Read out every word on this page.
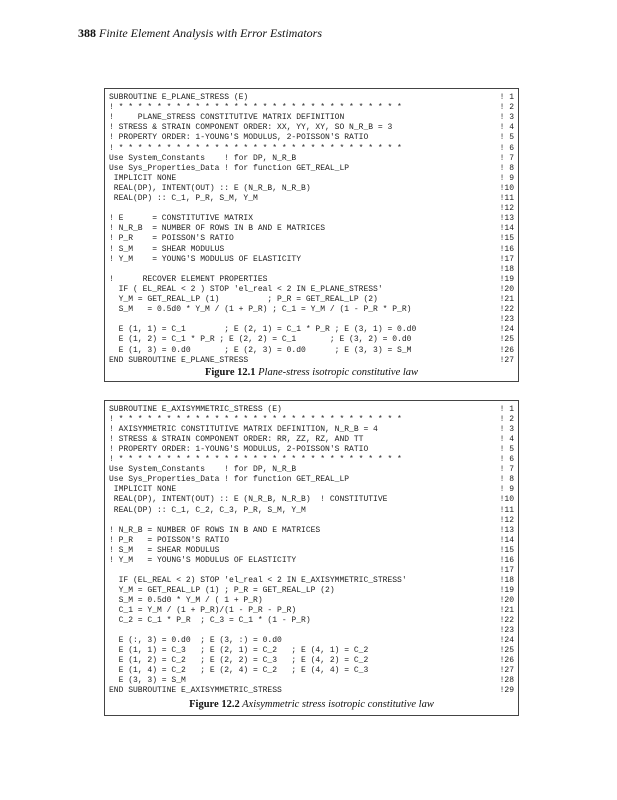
388 Finite Element Analysis with Error Estimators
SUBROUTINE E_PLANE_STRESS (E)	! 1
! * * * * * * * * * * * * * * * * * * * * * * * * * * * * * *	! 2
!     PLANE_STRESS CONSTITUTIVE MATRIX DEFINITION	! 3
! STRESS & STRAIN COMPONENT ORDER: XX, YY, XY, SO N_R_B = 3	! 4
! PROPERTY ORDER: 1-YOUNG'S MODULUS, 2-POISSON'S RATIO	! 5
! * * * * * * * * * * * * * * * * * * * * * * * * * * * * * *	! 6
Use System_Constants    ! for DP, N_R_B	! 7
Use Sys_Properties_Data ! for function GET_REAL_LP	! 8
IMPLICIT NONE	! 9
REAL(DP), INTENT(OUT) :: E (N_R_B, N_R_B)	!10
REAL(DP) :: C_1, P_R, S_M, Y_M	!11
!12
! E      = CONSTITUTIVE MATRIX	!13
! N_R_B  = NUMBER OF ROWS IN B AND E MATRICES	!14
! P_R    = POISSON'S RATIO	!15
! S_M    = SHEAR MODULUS	!16
! Y_M    = YOUNG'S MODULUS OF ELASTICITY	!17
!18
!      RECOVER ELEMENT PROPERTIES	!19
IF ( EL_REAL < 2 ) STOP 'el_real < 2 IN E_PLANE_STRESS'	!20
Y_M = GET_REAL_LP (1)          ; P_R = GET_REAL_LP (2)	!21
S_M   = 0.5d0 * Y_M / (1 + P_R) ; C_1 = Y_M / (1 - P_R * P_R)	!22
!23
E (1, 1) = C_1        ; E (2, 1) = C_1 * P_R ; E (3, 1) = 0.d0	!24
E (1, 2) = C_1 * P_R ; E (2, 2) = C_1       ; E (3, 2) = 0.d0	!25
E (1, 3) = 0.d0       ; E (2, 3) = 0.d0      ; E (3, 3) = S_M	!26
END SUBROUTINE E_PLANE_STRESS	!27
Figure 12.1 Plane-stress isotropic constitutive law
SUBROUTINE E_AXISYMMETRIC_STRESS (E)	! 1
! * * * * * * * * * * * * * * * * * * * * * * * * * * * * * *	! 2
! AXISYMMETRIC CONSTITUTIVE MATRIX DEFINITION, N_R_B = 4	! 3
! STRESS & STRAIN COMPONENT ORDER: RR, ZZ, RZ, AND TT	! 4
! PROPERTY ORDER: 1-YOUNG'S MODULUS, 2-POISSON'S RATIO	! 5
! * * * * * * * * * * * * * * * * * * * * * * * * * * * * * *	! 6
Use System_Constants    ! for DP, N_R_B	! 7
Use Sys_Properties_Data ! for function GET_REAL_LP	! 8
IMPLICIT NONE	! 9
REAL(DP), INTENT(OUT) :: E (N_R_B, N_R_B)  ! CONSTITUTIVE	!10
REAL(DP) :: C_1, C_2, C_3, P_R, S_M, Y_M	!11
!12
! N_R_B = NUMBER OF ROWS IN B AND E MATRICES	!13
! P_R   = POISSON'S RATIO	!14
! S_M   = SHEAR MODULUS	!15
! Y_M   = YOUNG'S MODULUS OF ELASTICITY	!16
!17
IF (EL_REAL < 2) STOP 'el_real < 2 IN E_AXISYMMETRIC_STRESS'	!18
Y_M = GET_REAL_LP (1) ; P_R = GET_REAL_LP (2)	!19
S_M = 0.5d0 * Y_M / ( 1 + P_R)	!20
C_1 = Y_M / (1 + P_R)/(1 - P_R - P_R)	!21
C_2 = C_1 * P_R  ; C_3 = C_1 * (1 - P_R)	!22
!23
E (:, 3) = 0.d0  ; E (3, :) = 0.d0	!24
E (1, 1) = C_3   ; E (2, 1) = C_2   ; E (4, 1) = C_2	!25
E (1, 2) = C_2   ; E (2, 2) = C_3   ; E (4, 2) = C_2	!26
E (1, 4) = C_2   ; E (2, 4) = C_2   ; E (4, 4) = C_3	!27
E (3, 3) = S_M	!28
END SUBROUTINE E_AXISYMMETRIC_STRESS	!29
Figure 12.2 Axisymmetric stress isotropic constitutive law
